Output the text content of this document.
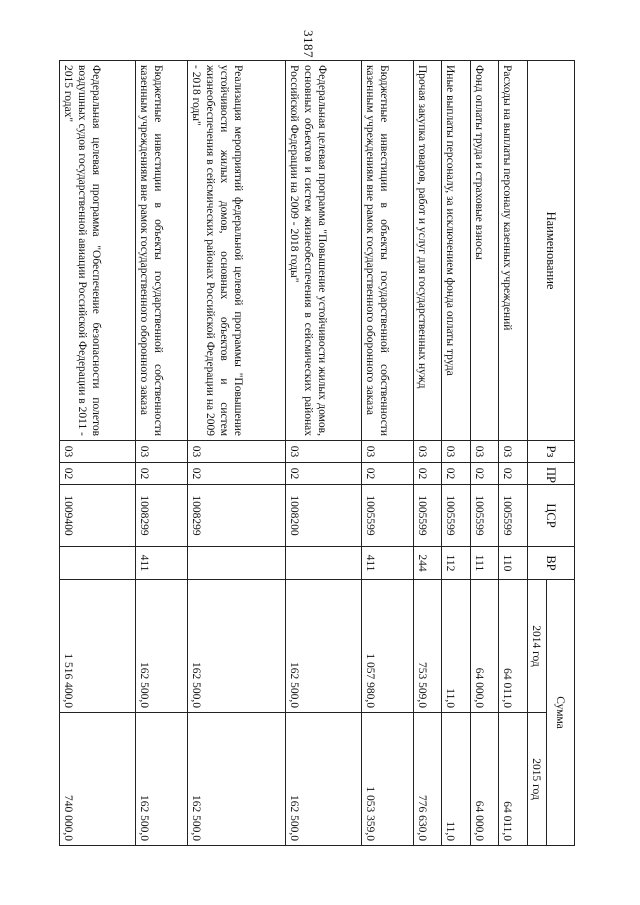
3187
Наименование	Рз	ПР	ЦСР	ВР	Сумма	
					2014 год	2015 год
Расходы на выплаты персоналу казенных учреждений	03	02	1005599	110	64 011,0	64 011,0
Фонд оплаты труда и страховые взносы	03	02	1005599	111	64 000,0	64 000,0
Иные выплаты персоналу, за исключением фонда оплаты труда	03	02	1005599	112	11,0	11,0
Прочая закупка товаров, работ и услуг для государственных нужд	03	02	1005599	244	753 509,0	776 630,0
Бюджетные инвестиции в объекты государственной собственности казенным учреждениям вне рамок государственного оборонного заказа	03	02	1005599	411	1 057 980,0	1 053 359,0
Федеральная целевая программа "Повышение устойчивости жилых домов, основных объектов и систем жизнеобеспечения в сейсмических районах Российской Федерации на 2009 - 2018 годы"	03	02	1008200		162 500,0	162 500,0
Реализация мероприятий федеральной целевой программы "Повышение устойчивости жилых домов, основных объектов и систем жизнеобеспечения в сейсмических районах Российской Федерации на 2009 - 2018 годы"	03	02	1008299		162 500,0	162 500,0
Бюджетные инвестиции в объекты государственной собственности казенным учреждениям вне рамок государственного оборонного заказа	03	02	1008299	411	162 500,0	162 500,0
Федеральная целевая программа "Обеспечение безопасности полетов воздушных судов государственной авиации Российской Федерации в 2011 - 2015 годах"	03	02	1009400		1 516 400,0	740 000,0
